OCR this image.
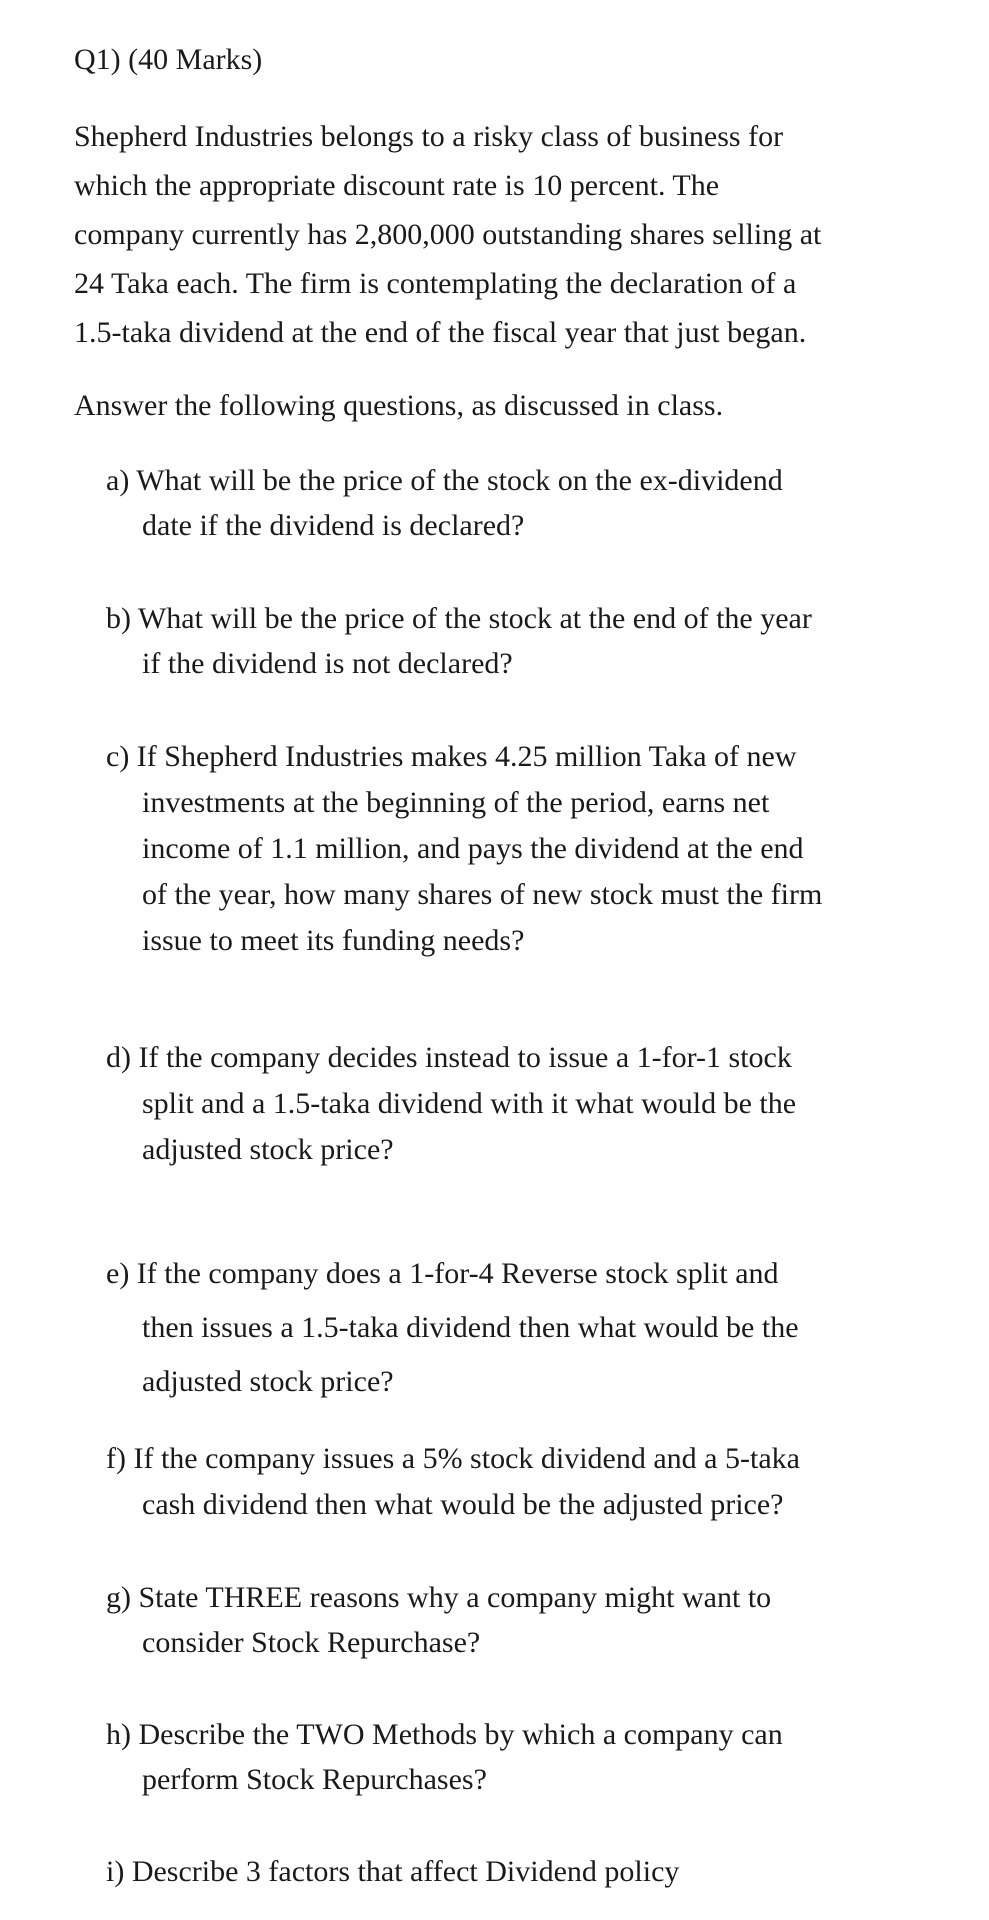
Q1) (40 Marks)
Shepherd Industries belongs to a risky class of business for
which the appropriate discount rate is 10 percent. The
company currently has 2,800,000 outstanding shares selling at
24 Taka each. The firm is contemplating the declaration of a
1.5-taka dividend at the end of the fiscal year that just began.
Answer the following questions, as discussed in class.
a) What will be the price of the stock on the ex-dividend
date if the dividend is declared?
b) What will be the price of the stock at the end of the year
if the dividend is not declared?
c) If Shepherd Industries makes 4.25 million Taka of new
investments at the beginning of the period, earns net
income of 1.1 million, and pays the dividend at the end
of the year, how many shares of new stock must the firm
issue to meet its funding needs?
d) If the company decides instead to issue a 1-for-1 stock
split and a 1.5-taka dividend with it what would be the
adjusted stock price?
e) If the company does a 1-for-4 Reverse stock split and
then issues a 1.5-taka dividend then what would be the
adjusted stock price?
f) If the company issues a 5% stock dividend and a 5-taka
cash dividend then what would be the adjusted price?
g) State THREE reasons why a company might want to
consider Stock Repurchase?
h) Describe the TWO Methods by which a company can
perform Stock Repurchases?
i) Describe 3 factors that affect Dividend policy
